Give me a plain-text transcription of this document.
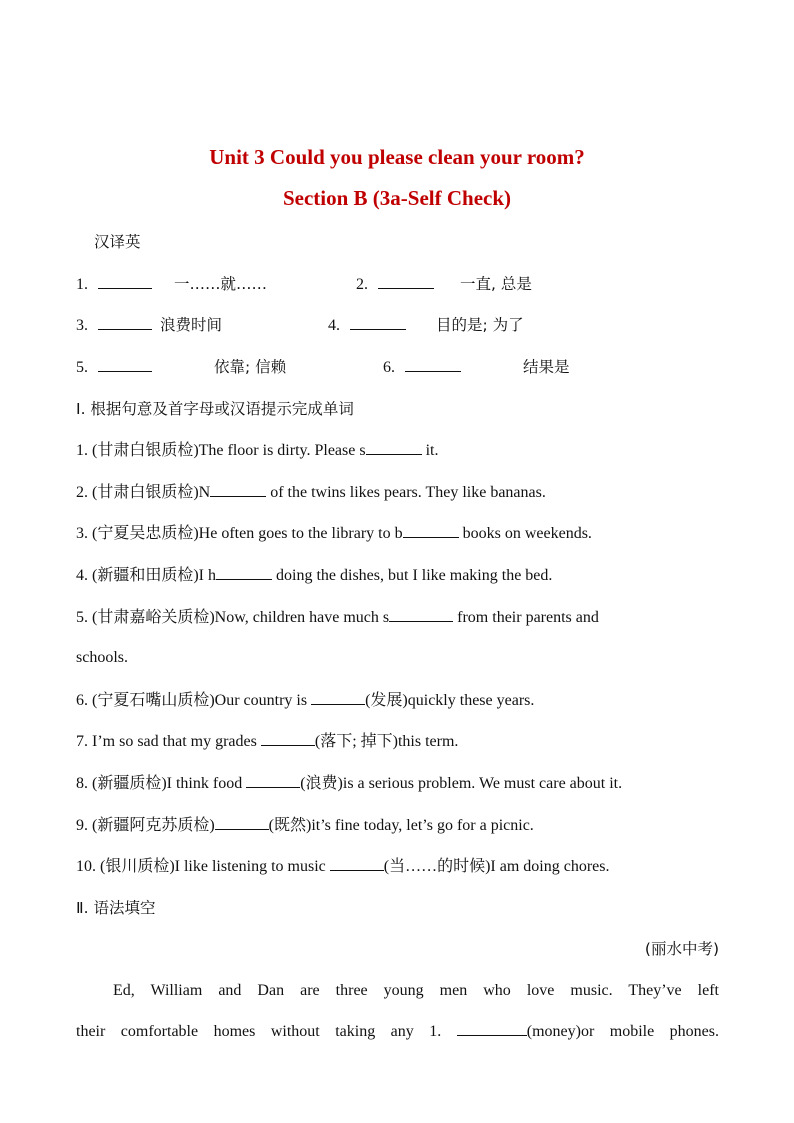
Unit 3 Could you please clean your room?
Section B (3a-Self Check)
汉译英
1.	一……就……	2.	一直, 总是
3.	浪费时间	4.	目的是; 为了
5.	依靠; 信赖	6.	结果是
Ⅰ. 根据句意及首字母或汉语提示完成单词
1. (甘肃白银质检)The floor is dirty. Please s	it.
2. (甘肃白银质检)N	of the twins likes pears. They like bananas.
3. (宁夏吴忠质检)He often goes to the library to b	books on weekends.
4. (新疆和田质检)I h	doing the dishes, but I like making the bed.
5. (甘肃嘉峪关质检)Now, children have much s	from their parents and
schools.
6. (宁夏石嘴山质检)Our country is	(发展)quickly these years.
7. I’m so sad that my grades	(落下; 掉下)this term.
8. (新疆质检)I think food	(浪费)is a serious problem. We must care about it.
9. (新疆阿克苏质检)	(既然)it’s fine today, let’s go for a picnic.
10. (银川质检)I like listening to music	(当……的时候)I am doing chores.
Ⅱ. 语法填空
(丽水中考)
Ed, William and Dan are three young men who love music. They’ve left
their comfortable homes without taking any 1.	(money)or mobile phones.
